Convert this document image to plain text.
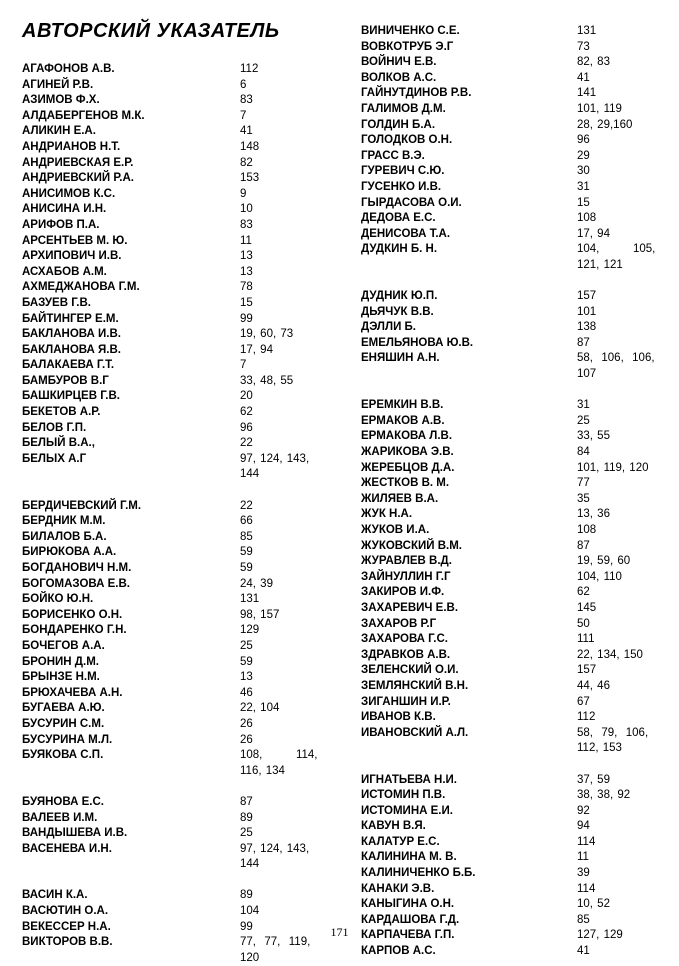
АВТОРСКИЙ УКАЗАТЕЛЬ
АГАФОНОВ А.В.	112
АГИНЕЙ Р.В.	6
АЗИМОВ Ф.Х.	83
АЛДАБЕРГЕНОВ М.К.	7
АЛИКИН Е.А.	41
АНДРИАНОВ Н.Т.	148
АНДРИЕВСКАЯ Е.Р.	82
АНДРИЕВСКИЙ Р.А.	153
АНИСИМОВ К.С.	9
АНИСИНА И.Н.	10
АРИФОВ П.А.	83
АРСЕНТЬЕВ М. Ю.	11
АРХИПОВИЧ И.В.	13
АСХАБОВ А.М.	13
АХМЕДЖАНОВА Г.М.	78
БАЗУЕВ Г.В.	15
БАЙТИНГЕР Е.М.	99
БАКЛАНОВА И.В.	19, 60, 73
БАКЛАНОВА Я.В.	17, 94
БАЛАКАЕВА Г.Т.	7
БАМБУРОВ В.Г	33, 48, 55
БАШКИРЦЕВ Г.В.	20
БЕКЕТОВ А.Р.	62
БЕЛОВ Г.П.	96
БЕЛЫЙ В.А.,	22
БЕЛЫХ А.Г	97, 124, 143,
144
БЕРДИЧЕВСКИЙ Г.М.	22
БЕРДНИК М.М.	66
БИЛАЛОВ Б.А.	85
БИРЮКОВА А.А.	59
БОГДАНОВИЧ Н.М.	59
БОГОМАЗОВА Е.В.	24, 39
БОЙКО Ю.Н.	131
БОРИСЕНКО О.Н.	98, 157
БОНДАРЕНКО Г.Н.	129
БОЧЕГОВ А.А.	25
БРОНИН Д.М.	59
БРЫНЗЕ Н.М.	13
БРЮХАЧЕВА А.Н.	46
БУГАЕВА А.Ю.	22, 104
БУСУРИН С.М.	26
БУСУРИНА М.Л.	26
БУЯКОВА С.П.	108,        114,
116, 134
БУЯНОВА Е.С.	87
ВАЛЕЕВ И.М.	89
ВАНДЫШЕВА И.В.	25
ВАСЕНЕВА И.Н.	97, 124, 143,
144
ВАСИН К.А.	89
ВАСЮТИН О.А.	104
ВЕКЕССЕР Н.А.	99
ВИКТОРОВ В.В.	77,  77,  119,
120
ВИНИЧЕНКО С.Е.	131
ВОВКОТРУБ Э.Г	73
ВОЙНИЧ Е.В.	82, 83
ВОЛКОВ А.С.	41
ГАЙНУТДИНОВ Р.В.	141
ГАЛИМОВ Д.М.	101, 119
ГОЛДИН Б.А.	28, 29,160
ГОЛОДКОВ О.Н.	96
ГРАСС В.Э.	29
ГУРЕВИЧ С.Ю.	30
ГУСЕНКО И.В.	31
ГЫРДАСОВА О.И.	15
ДЕДОВА Е.С.	108
ДЕНИСОВА Т.А.	17, 94
ДУДКИН Б. Н.	104,        105,
121, 121
ДУДНИК Ю.П.	157
ДЬЯЧУК В.В.	101
ДЭЛЛИ Б.	138
ЕМЕЛЬЯНОВА Ю.В.	87
ЕНЯШИН А.Н.	58,  106,  106,
107
ЕРЕМКИН В.В.	31
ЕРМАКОВ А.В.	25
ЕРМАКОВА Л.В.	33, 55
ЖАРИКОВА Э.В.	84
ЖЕРЕБЦОВ Д.А.	101, 119, 120
ЖЕСТКОВ В. М.	77
ЖИЛЯЕВ В.А.	35
ЖУК Н.А.	13, 36
ЖУКОВ И.А.	108
ЖУКОВСКИЙ В.М.	87
ЖУРАВЛЕВ В.Д.	19, 59, 60
ЗАЙНУЛЛИН Г.Г	104, 110
ЗАКИРОВ И.Ф.	62
ЗАХАРЕВИЧ Е.В.	145
ЗАХАРОВ Р.Г	50
ЗАХАРОВА Г.С.	111
ЗДРАВКОВ А.В.	22, 134, 150
ЗЕЛЕНСКИЙ О.И.	157
ЗЕМЛЯНСКИЙ В.Н.	44, 46
ЗИГАНШИН И.Р.	67
ИВАНОВ К.В.	112
ИВАНОВСКИЙ А.Л.	58,  79,  106,
112, 153
ИГНАТЬЕВА Н.И.	37, 59
ИСТОМИН П.В.	38, 38, 92
ИСТОМИНА Е.И.	92
КАВУН В.Я.	94
КАЛАТУР Е.С.	114
КАЛИНИНА М. В.	11
КАЛИНИЧЕНКО Б.Б.	39
КАНАКИ Э.В.	114
КАНЫГИНА О.Н.	10, 52
КАРДАШОВА Г.Д.	85
КАРПАЧЕВА Г.П.	127, 129
КАРПОВ А.С.	41
171
